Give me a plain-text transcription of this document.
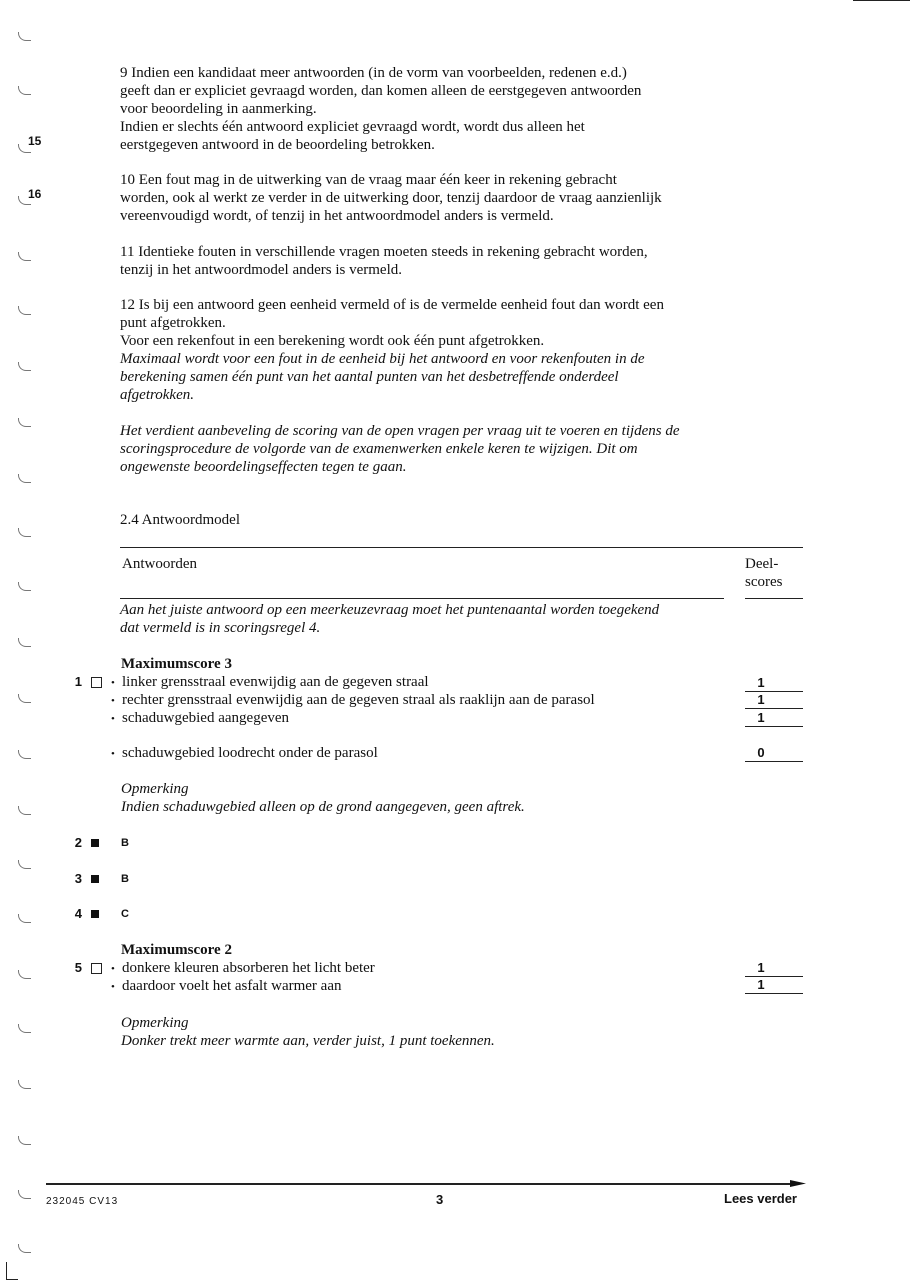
15
16

9 Indien een kandidaat meer antwoorden (in de vorm van voorbeelden, redenen e.d.)

geeft dan er expliciet gevraagd worden, dan komen alleen de eerstgegeven antwoorden

voor beoordeling in aanmerking.

Indien er slechts één antwoord expliciet gevraagd wordt, wordt dus alleen het

eerstgegeven antwoord in de beoordeling betrokken.

10 Een fout mag in de uitwerking van de vraag maar één keer in rekening gebracht

worden, ook al werkt ze verder in de uitwerking door, tenzij daardoor de vraag aanzienlijk

vereenvoudigd wordt, of tenzij in het antwoordmodel anders is vermeld.

11 Identieke fouten in verschillende vragen moeten steeds in rekening gebracht worden,

tenzij in het antwoordmodel anders is vermeld.

12 Is bij een antwoord geen eenheid vermeld of is de vermelde eenheid fout dan wordt een

punt afgetrokken.

Voor een rekenfout in een berekening wordt ook één punt afgetrokken.

Maximaal wordt voor een fout in de eenheid bij het antwoord en voor rekenfouten in de

berekening samen één punt van het aantal punten van het desbetreffende onderdeel

afgetrokken.

Het verdient aanbeveling de scoring van de open vragen per vraag uit te voeren en tijdens de

scoringsprocedure de volgorde van de examenwerken enkele keren te wijzigen. Dit om

ongewenste beoordelingseffecten tegen te gaan.

2.4 Antwoordmodel
Antwoorden	Deel-
scores

Aan het juiste antwoord op een meerkeuzevraag moet het puntenaantal worden toegekend

dat vermeld is in scoringsregel 4.

Maximumscore 3
1	• linker grensstraal evenwijdig aan de gegeven straal	1
• rechter grensstraal evenwijdig aan de gegeven straal als raaklijn aan de parasol	1
• schaduwgebied aangegeven	1
• schaduwgebied loodrecht onder de parasol	0
Opmerking
Indien schaduwgebied alleen op de grond aangegeven, geen aftrek.
2	B
3	B
4	C
Maximumscore 2
5	• donkere kleuren absorberen het licht beter	1
• daardoor voelt het asfalt warmer aan	1
Opmerking
Donker trekt meer warmte aan, verder juist, 1 punt toekennen.
232045 CV13	3	Lees verder
